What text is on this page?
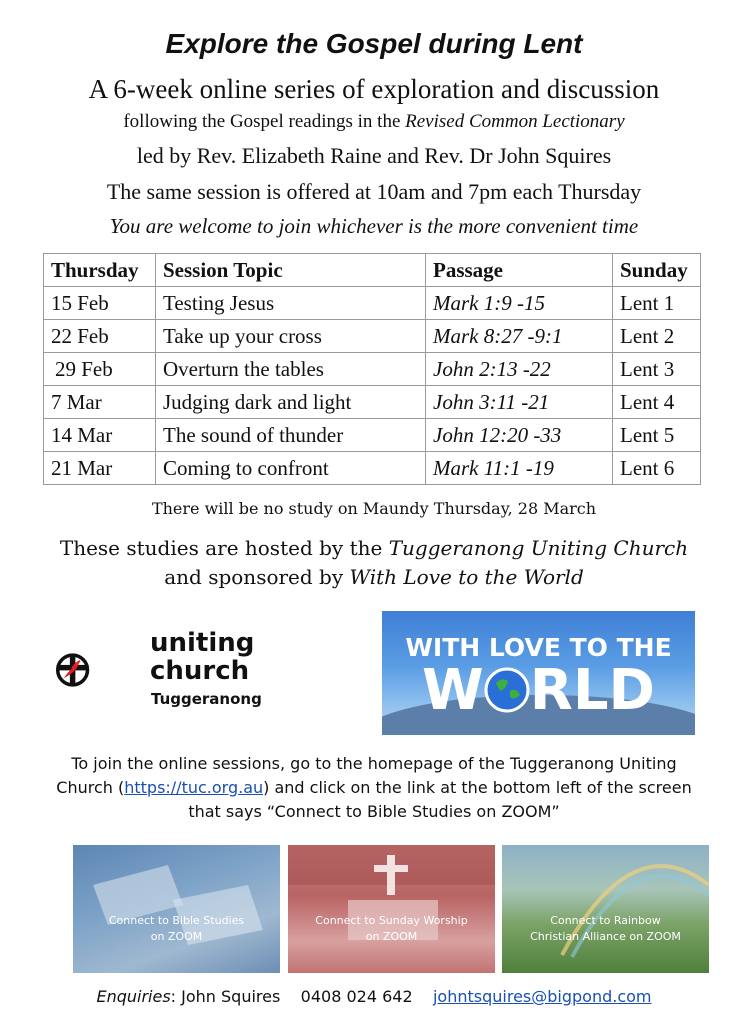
Explore the Gospel during Lent
A 6-week online series of exploration and discussion
following the Gospel readings in the Revised Common Lectionary
led by Rev. Elizabeth Raine and Rev. Dr John Squires
The same session is offered at 10am and 7pm each Thursday
You are welcome to join whichever is the more convenient time
Thursday	Session Topic	Passage	Sunday
15 Feb	Testing Jesus	Mark 1:9 -15	Lent 1
22 Feb	Take up your cross	Mark 8:27 -9:1	Lent 2
29 Feb	Overturn the tables	John 2:13 -22	Lent 3
7 Mar	Judging dark and light	John 3:11 -21	Lent 4
14 Mar	The sound of thunder	John 12:20 -33	Lent 5
21 Mar	Coming to confront	Mark 11:1 -19	Lent 6
There will be no study on Maundy Thursday, 28 March
These studies are hosted by the Tuggeranong Uniting Church
and sponsored by With Love to the World
uniting
church
Tuggeranong
WITH LOVE TO THE
W RLD
To join the online sessions, go to the homepage of the Tuggeranong Uniting
Church (https://tuc.org.au) and click on the link at the bottom left of the screen
that says “Connect to Bible Studies on ZOOM”
Connect to Bible Studies
on ZOOM
Connect to Sunday Worship
on ZOOM
Connect to Rainbow
Christian Alliance on ZOOM
Enquiries: John Squires 0408 024 642 johntsquires@bigpond.com
